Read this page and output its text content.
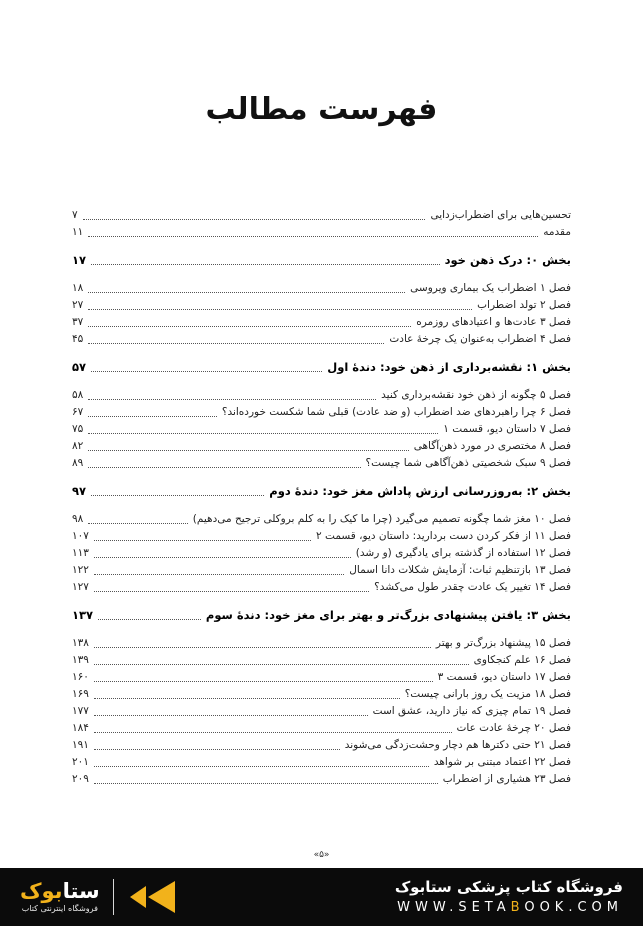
فهرست مطالب
تحسین‌هایی برای اضطراب‌زدایی
۷
مقدمه
۱۱
بخش ۰: درک ذهن خود
۱۷
فصل ۱ اضطراب یک بیماری ویروسی
۱۸
فصل ۲ تولد اضطراب
۲۷
فصل ۳ عادت‌ها و اعتیادهای روزمره
۳۷
فصل ۴ اضطراب به‌عنوان یک چرخهٔ عادت
۴۵
بخش ۱: نقشه‌برداری از ذهن خود: دندهٔ اول
۵۷
فصل ۵ چگونه از ذهن خود نقشه‌برداری کنید
۵۸
فصل ۶ چرا راهبردهای ضد اضطراب (و ضد عادت) قبلی شما شکست خورده‌اند؟
۶۷
فصل ۷ داستان دیو، قسمت ۱
۷۵
فصل ۸ مختصری در مورد ذهن‌آگاهی
۸۲
فصل ۹ سبک شخصیتی ذهن‌آگاهی شما چیست؟
۸۹
بخش ۲: به‌روزرسانی ارزش پاداش مغز خود: دندهٔ دوم
۹۷
فصل ۱۰ مغز شما چگونه تصمیم می‌گیرد (چرا ما کیک را به کلم بروکلی ترجیح می‌دهیم)
۹۸
فصل ۱۱ از فکر کردن دست بردارید: داستان دیو، قسمت ۲
۱۰۷
فصل ۱۲ استفاده از گذشته برای یادگیری (و رشد)
۱۱۳
فصل ۱۳ بازتنظیم ثبات: آزمایش شکلات دانا اسمال
۱۲۲
فصل ۱۴ تغییر یک عادت چقدر طول می‌کشد؟
۱۲۷
بخش ۳: یافتن پیشنهادی بزرگ‌تر و بهتر برای مغز خود: دندهٔ سوم
۱۳۷
فصل ۱۵ پیشنهاد بزرگ‌تر و بهتر
۱۳۸
فصل ۱۶ علم کنجکاوی
۱۳۹
فصل ۱۷ داستان دیو، قسمت ۳
۱۶۰
فصل ۱۸ مزیت یک روز بارانی چیست؟
۱۶۹
فصل ۱۹ تمام چیزی که نیاز دارید، عشق است
۱۷۷
فصل ۲۰ چرخهٔ عادت عات
۱۸۴
فصل ۲۱ حتی دکترها هم دچار وحشت‌زدگی می‌شوند
۱۹۱
فصل ۲۲ اعتماد مبتنی بر شواهد
۲۰۱
فصل ۲۳ هشیاری از اضطراب
۲۰۹
«۵»
ستابوک
فروشگاه اینترنتی کتاب
فروشگاه کتاب پزشکی ستابوک
WWW.SETABOOK.COM
